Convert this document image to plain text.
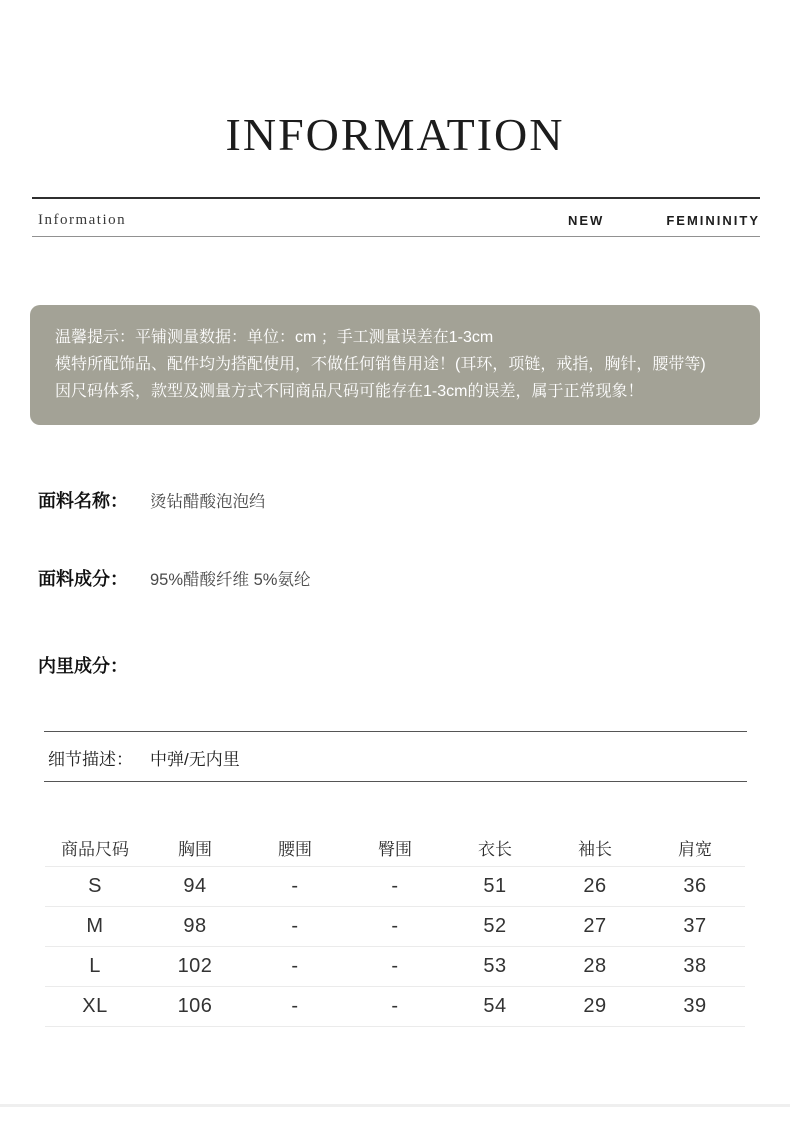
INFORMATION
Information	NEW	FEMININITY
温馨提示：平铺测量数据：单位：cm ；手工测量误差在1-3cm
模特所配饰品、配件均为搭配使用，不做任何销售用途！(耳环，项链，戒指，胸针，腰带等)
因尺码体系，款型及测量方式不同商品尺码可能存在1-3cm的误差，属于正常现象！
面料名称：	烫钻醋酸泡泡绉
面料成分：	95%醋酸纤维 5%氨纶
内里成分：
细节描述：	中弹/无内里
商品尺码	胸围	腰围	臀围	衣长	袖长	肩宽
S	94	-	-	51	26	36
M	98	-	-	52	27	37
L	102	-	-	53	28	38
XL	106	-	-	54	29	39
